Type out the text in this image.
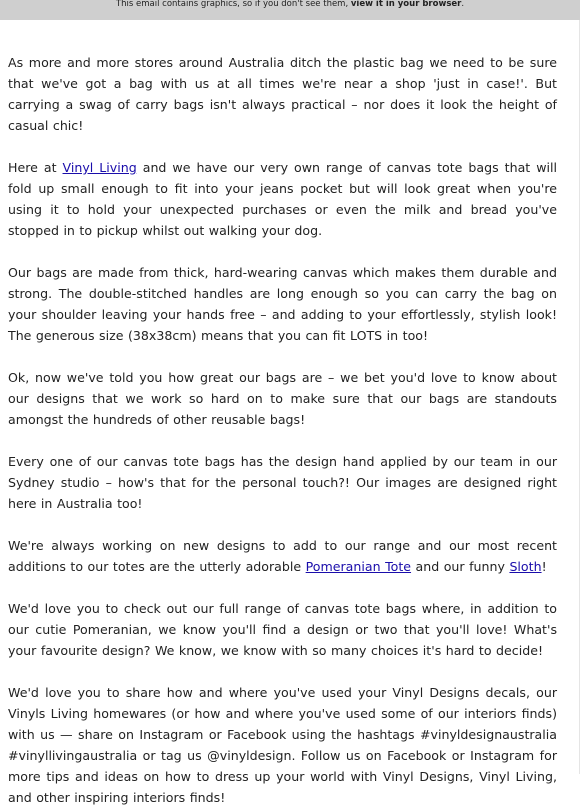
This email contains graphics, so if you don't see them, view it in your browser.

As more and more stores around Australia ditch the plastic bag we need to be sure that we've got a bag with us at all times we're near a shop 'just in case!'. But carrying a swag of carry bags isn't always practical – nor does it look the height of casual chic!

Here at Vinyl Living and we have our very own range of canvas tote bags that will fold up small enough to fit into your jeans pocket but will look great when you're using it to hold your unexpected purchases or even the milk and bread you've stopped in to pickup whilst out walking your dog.

Our bags are made from thick, hard-wearing canvas which makes them durable and strong. The double-stitched handles are long enough so you can carry the bag on your shoulder leaving your hands free – and adding to your effortlessly, stylish look! The generous size (38x38cm) means that you can fit LOTS in too!

Ok, now we've told you how great our bags are – we bet you'd love to know about our designs that we work so hard on to make sure that our bags are standouts amongst the hundreds of other reusable bags!

Every one of our canvas tote bags has the design hand applied by our team in our Sydney studio – how's that for the personal touch?! Our images are designed right here in Australia too!

We're always working on new designs to add to our range and our most recent additions to our totes are the utterly adorable Pomeranian Tote and our funny Sloth!

We'd love you to check out our full range of canvas tote bags where, in addition to our cutie Pomeranian, we know you'll find a design or two that you'll love! What's your favourite design? We know, we know with so many choices it's hard to decide!

We'd love you to share how and where you've used your Vinyl Designs decals, our Vinyls Living homewares (or how and where you've used some of our interiors finds) with us — share on Instagram or Facebook using the hashtags #vinyldesignaustralia #vinyllivingaustralia or tag us @vinyldesign. Follow us on Facebook or Instagram for more tips and ideas on how to dress up your world with Vinyl Designs, Vinyl Living, and other inspiring interiors finds!
